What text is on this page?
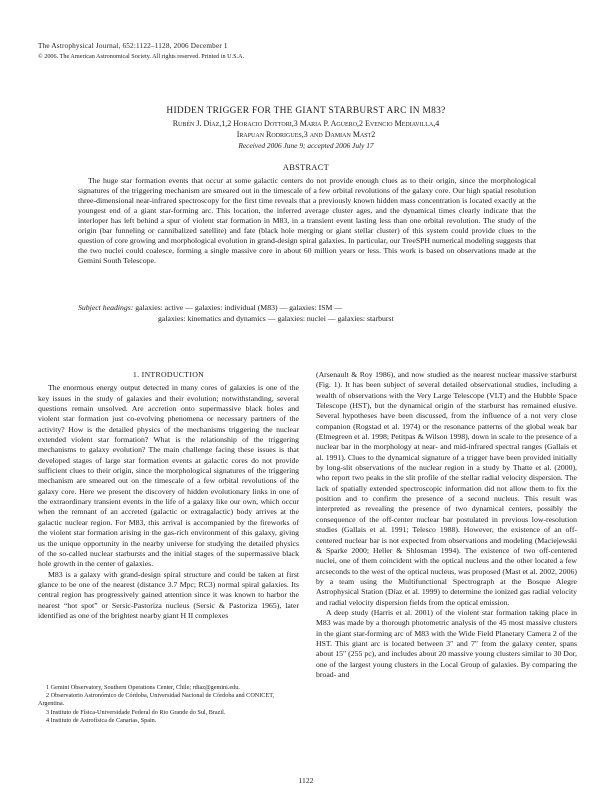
The Astrophysical Journal, 652:1122–1128, 2006 December 1
© 2006. The American Astronomical Society. All rights reserved. Printed in U.S.A.
HIDDEN TRIGGER FOR THE GIANT STARBURST ARC IN M83?
Rubén J. Díaz,1,2 Horacio Dottori,3 Maria P. Aguero,2 Evencio Mediavilla,4
Irapuan Rodrigues,3 and Damian Mast2
Received 2006 June 9; accepted 2006 July 17
ABSTRACT

The huge star formation events that occur at some galactic centers do not provide enough clues as to their origin, since the morphological signatures of the triggering mechanism are smeared out in the timescale of a few orbital revolutions of the galaxy core. Our high spatial resolution three-dimensional near-infrared spectroscopy for the first time reveals that a previously known hidden mass concentration is located exactly at the youngest end of a giant star-forming arc. This location, the inferred average cluster ages, and the dynamical times clearly indicate that the interloper has left behind a spur of violent star formation in M83, in a transient event lasting less than one orbital revolution. The study of the origin (bar funneling or cannibalized satellite) and fate (black hole merging or giant stellar cluster) of this system could provide clues to the question of core growing and morphological evolution in grand-design spiral galaxies. In particular, our TreeSPH numerical modeling suggests that the two nuclei could coalesce, forming a single massive core in about 60 million years or less. This work is based on observations made at the Gemini South Telescope.

Subject headings: galaxies: active — galaxies: individual (M83) — galaxies: ISM —
galaxies: kinematics and dynamics — galaxies: nuclei — galaxies: starburst
1. INTRODUCTION

The enormous energy output detected in many cores of galaxies is one of the key issues in the study of galaxies and their evolution; notwithstanding, several questions remain unsolved. Are accretion onto supermassive black holes and violent star formation just co-evolving phenomena or necessary partners of the activity? How is the detailed physics of the mechanisms triggering the nuclear extended violent star formation? What is the relationship of the triggering mechanisms to galaxy evolution? The main challenge facing these issues is that developed stages of large star formation events at galactic cores do not provide sufficient clues to their origin, since the morphological signatures of the triggering mechanism are smeared out on the timescale of a few orbital revolutions of the galaxy core. Here we present the discovery of hidden evolutionary links in one of the extraordinary transient events in the life of a galaxy like our own, which occur when the remnant of an accreted (galactic or extragalactic) body arrives at the galactic nuclear region. For M83, this arrival is accompanied by the fireworks of the violent star formation arising in the gas-rich environment of this galaxy, giving us the unique opportunity in the nearby universe for studying the detailed physics of the so-called nuclear starbursts and the initial stages of the supermassive black hole growth in the center of galaxies.

M83 is a galaxy with grand-design spiral structure and could be taken at first glance to be one of the nearest (distance 3.7 Mpc; RC3) normal spiral galaxies. Its central region has progressively gained attention since it was known to harbor the nearest “hot spot” or Sersic-Pastoriza nucleus (Sersic & Pastoriza 1965), later identified as one of the brightest nearby giant H II complexes

(Arsenault & Roy 1986), and now studied as the nearest nuclear massive starburst (Fig. 1). It has been subject of several detailed observational studies, including a wealth of observations with the Very Large Telescope (VLT) and the Hubble Space Telescope (HST), but the dynamical origin of the starburst has remained elusive. Several hypotheses have been discussed, from the influence of a not very close companion (Rogstad et al. 1974) or the resonance patterns of the global weak bar (Elmegreen et al. 1998; Petitpas & Wilson 1998), down in scale to the presence of a nuclear bar in the morphology at near- and mid-infrared spectral ranges (Gallais et al. 1991). Clues to the dynamical signature of a trigger have been provided initially by long-slit observations of the nuclear region in a study by Thatte et al. (2000), who report two peaks in the slit profile of the stellar radial velocity dispersion. The lack of spatially extended spectroscopic information did not allow them to fix the position and to confirm the presence of a second nucleus. This result was interpreted as revealing the presence of two dynamical centers, possibly the consequence of the off-center nuclear bar postulated in previous low-resolution studies (Gallais et al. 1991; Telesco 1988). However, the existence of an off-centered nuclear bar is not expected from observations and modeling (Maciejewski & Sparke 2000; Heller & Shlosman 1994). The existence of two off-centered nuclei, one of them coincident with the optical nucleus and the other located a few arcseconds to the west of the optical nucleus, was proposed (Mast et al. 2002, 2006) by a team using the Multifunctional Spectrograph at the Bosque Alegre Astrophysical Station (Díaz et al. 1999) to determine the ionized gas radial velocity and radial velocity dispersion fields from the optical emission.

A deep study (Harris et al. 2001) of the violent star formation taking place in M83 was made by a thorough photometric analysis of the 45 most massive clusters in the giant star-forming arc of M83 with the Wide Field Planetary Camera 2 of the HST. This giant arc is located between 3″ and 7″ from the galaxy center, spans about 15″ (255 pc), and includes about 20 massive young clusters similar to 30 Dor, one of the largest young clusters in the Local Group of galaxies. By comparing the broad- and

1 Gemini Observatory, Southern Operations Center, Chile; rdiaz@gemini.edu.
2 Observatorio Astronómico de Córdoba, Universidad Nacional de Córdoba and CONICET, Argentina.
3 Instituto de Física-Universidade Federal do Rio Grande do Sul, Brazil.
4 Instituto de Astrofísica de Canarias, Spain.
1122
